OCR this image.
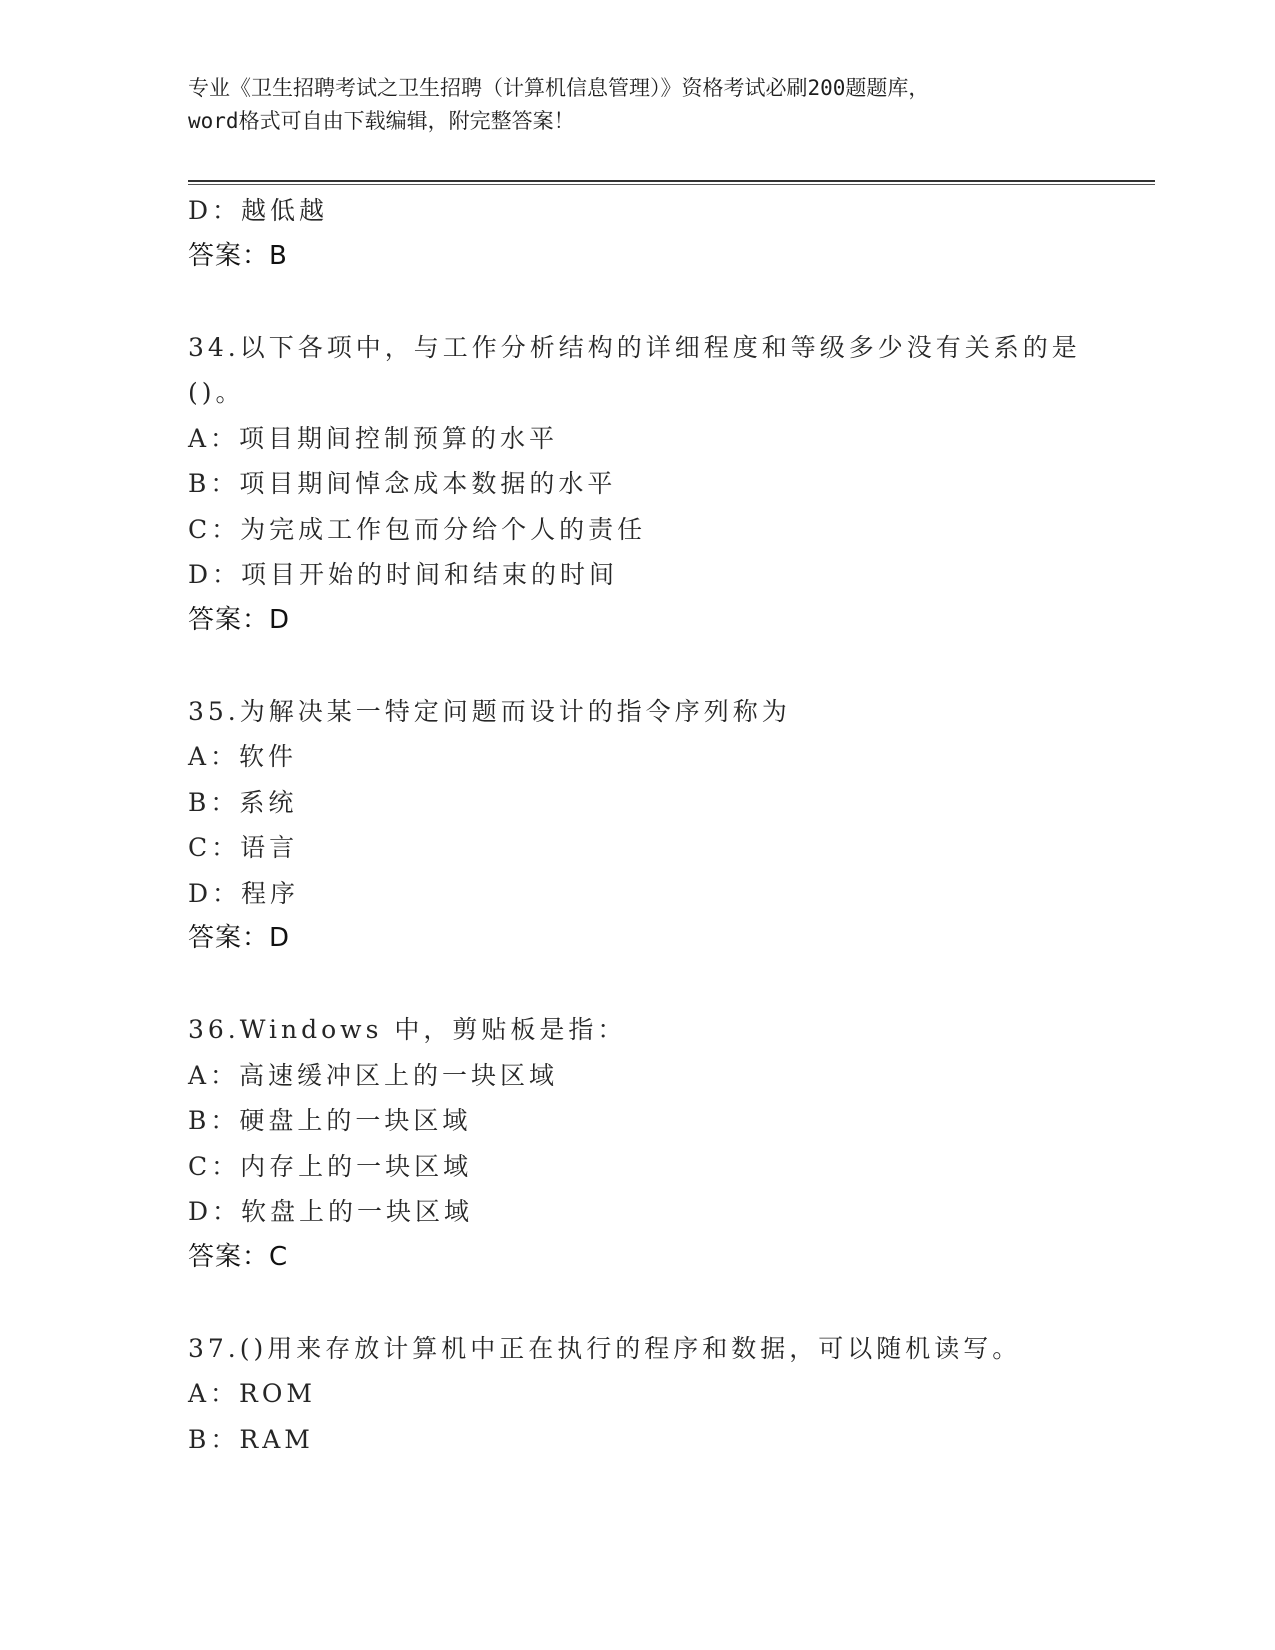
专业《卫生招聘考试之卫生招聘（计算机信息管理）》资格考试必刷200题题库，
word格式可自由下载编辑，附完整答案！
D：越低越
答案：B
34.以下各项中，与工作分析结构的详细程度和等级多少没有关系的是
()。
A：项目期间控制预算的水平
B：项目期间悼念成本数据的水平
C：为完成工作包而分给个人的责任
D：项目开始的时间和结束的时间
答案：D
35.为解决某一特定问题而设计的指令序列称为
A：软件
B：系统
C：语言
D：程序
答案：D
36.Windows 中，剪贴板是指：
A：高速缓冲区上的一块区域
B：硬盘上的一块区域
C：内存上的一块区域
D：软盘上的一块区域
答案：C
37.()用来存放计算机中正在执行的程序和数据，可以随机读写。
A：ROM
B：RAM
